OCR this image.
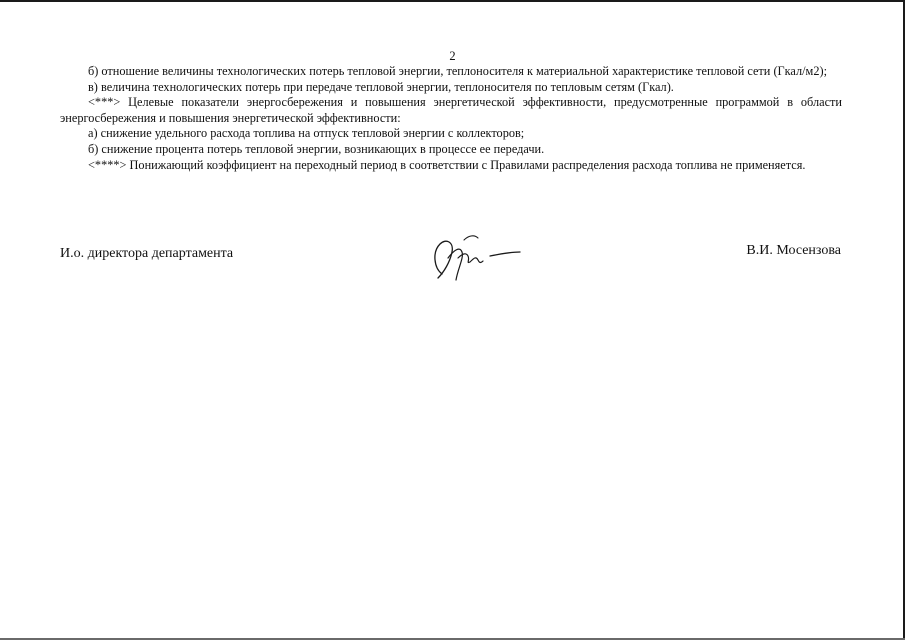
2

б) отношение величины технологических потерь тепловой энергии, теплоносителя к материальной характеристике тепловой сети (Гкал/м2);

в) величина технологических потерь при передаче тепловой энергии, теплоносителя по тепловым сетям (Гкал).

<***> Целевые показатели энергосбережения и повышения энергетической эффективности, предусмотренные программой в области энергосбережения и повышения энергетической эффективности:

а) снижение удельного расхода топлива на отпуск тепловой энергии с коллекторов;

б) снижение процента потерь тепловой энергии, возникающих в процессе ее передачи.

<****> Понижающий коэффициент на переходный период в соответствии с Правилами распределения расхода топлива не применяется.

И.о. директора департамента	В.И. Мосензова
